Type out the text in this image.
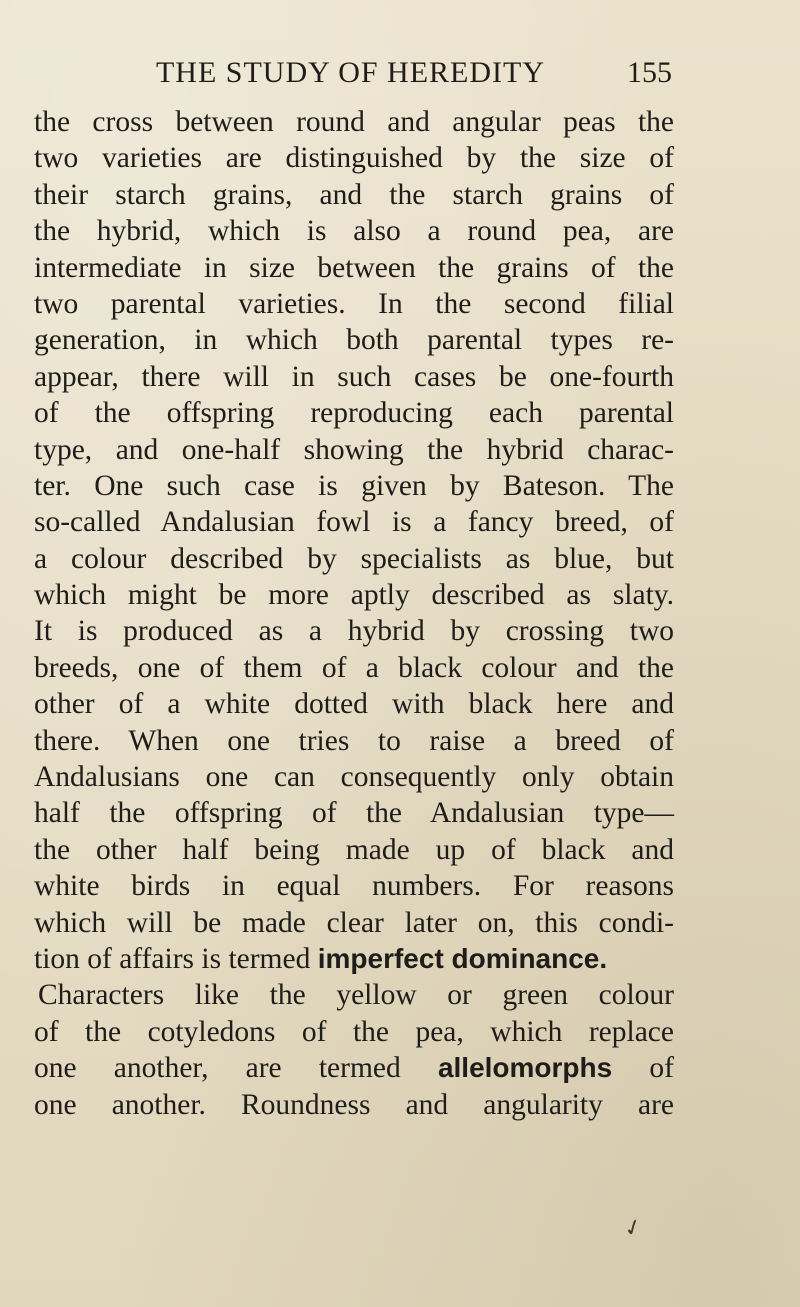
THE STUDY OF HEREDITY	155
the cross between round and angular peas the
two varieties are distinguished by the size of
their starch grains, and the starch grains of
the hybrid, which is also a round pea, are
intermediate in size between the grains of the
two parental varieties. In the second filial
generation, in which both parental types re-
appear, there will in such cases be one-fourth
of the offspring reproducing each parental
type, and one-half showing the hybrid charac-
ter. One such case is given by Bateson. The
so-called Andalusian fowl is a fancy breed, of
a colour described by specialists as blue, but
which might be more aptly described as slaty.
It is produced as a hybrid by crossing two
breeds, one of them of a black colour and the
other of a white dotted with black here and
there. When one tries to raise a breed of
Andalusians one can consequently only obtain
half the offspring of the Andalusian type—
the other half being made up of black and
white birds in equal numbers. For reasons
which will be made clear later on, this condi-
tion of affairs is termed imperfect dominance.
Characters like the yellow or green colour
of the cotyledons of the pea, which replace
one another, are termed allelomorphs of
one another. Roundness and angularity are
✓
